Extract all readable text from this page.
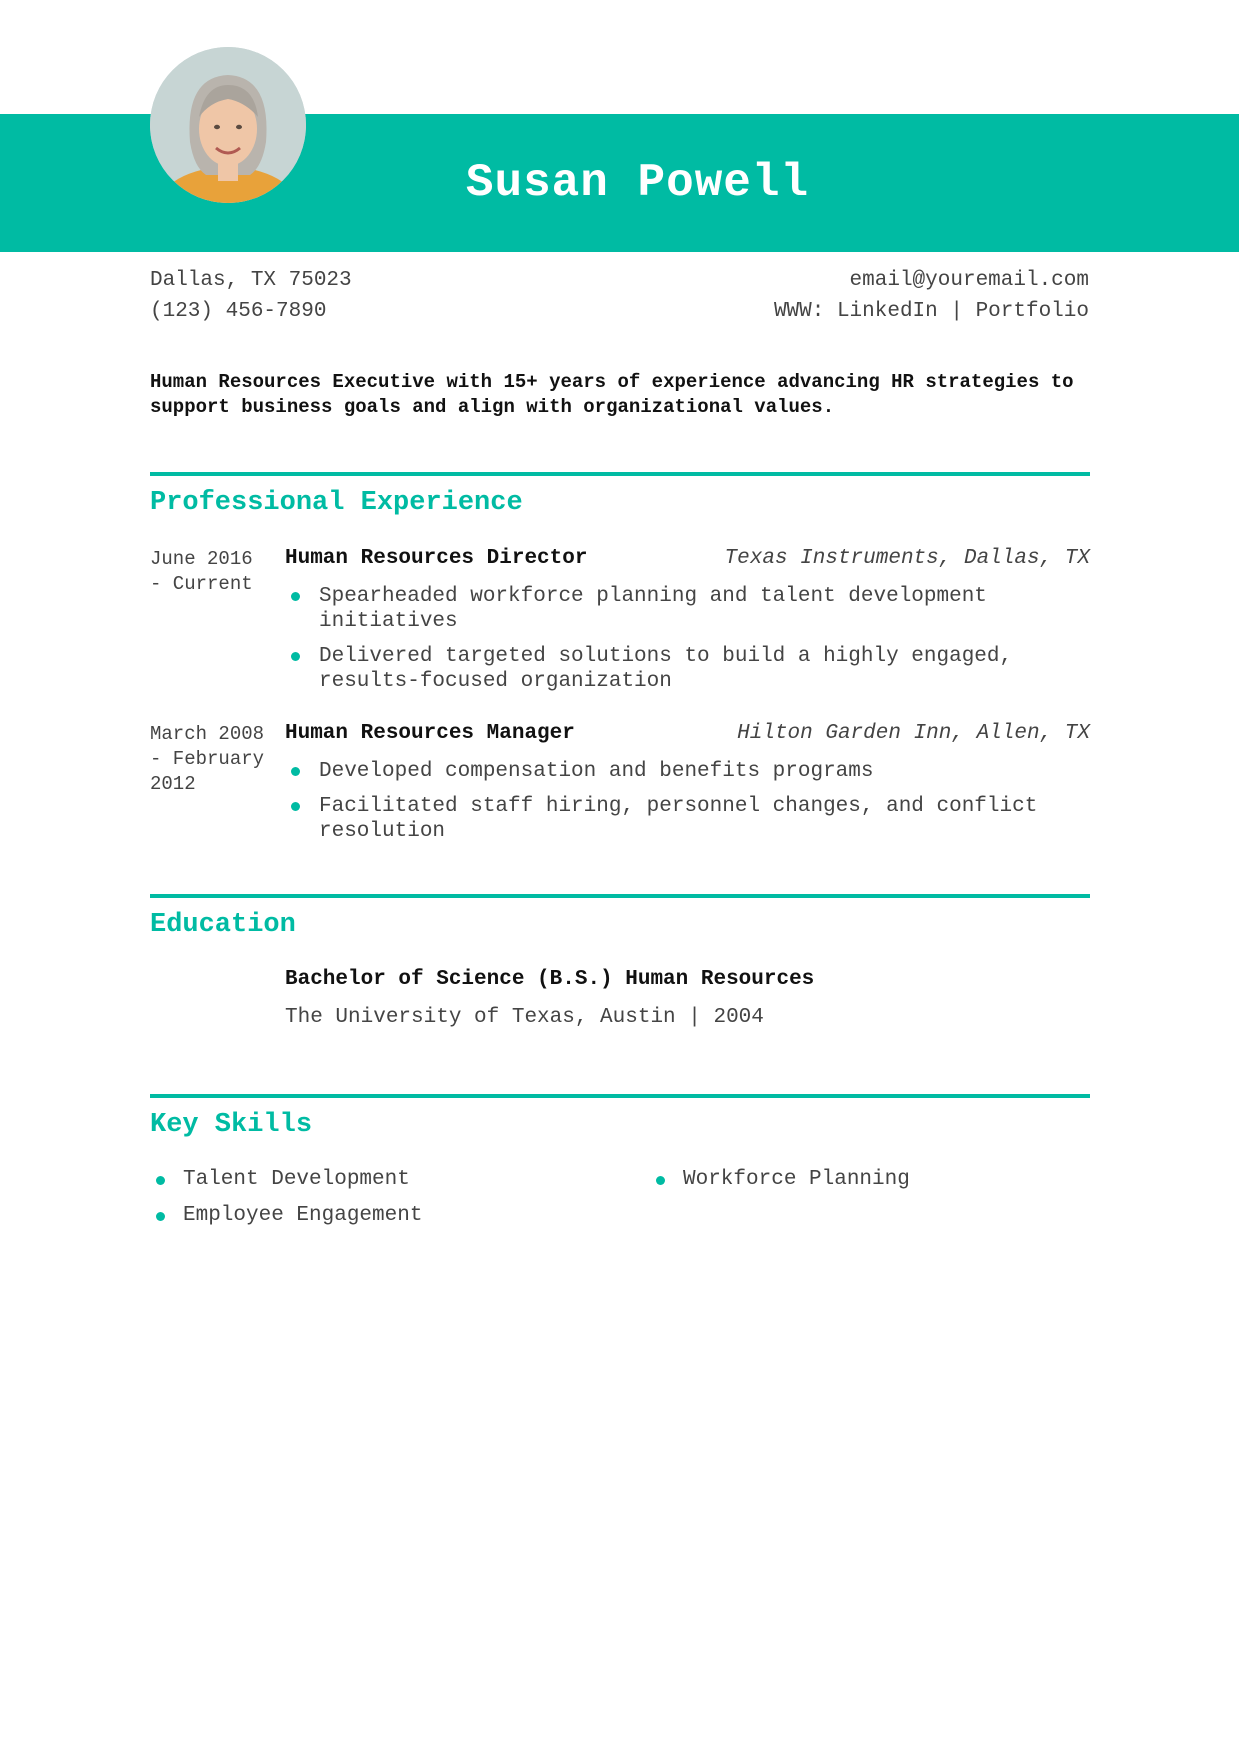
Susan Powell
Dallas, TX 75023
(123) 456-7890
email@youremail.com
WWW: LinkedIn | Portfolio
Human Resources Executive with 15+ years of experience advancing HR strategies to support business goals and align with organizational values.
Professional Experience
June 2016 - Current
Human Resources Director	Texas Instruments, Dallas, TX
Spearheaded workforce planning and talent development initiatives
Delivered targeted solutions to build a highly engaged, results-focused organization
March 2008 - February 2012
Human Resources Manager	Hilton Garden Inn, Allen, TX
Developed compensation and benefits programs
Facilitated staff hiring, personnel changes, and conflict resolution
Education
Bachelor of Science (B.S.) Human Resources
The University of Texas, Austin | 2004
Key Skills
Talent Development	Workforce Planning
Employee Engagement
